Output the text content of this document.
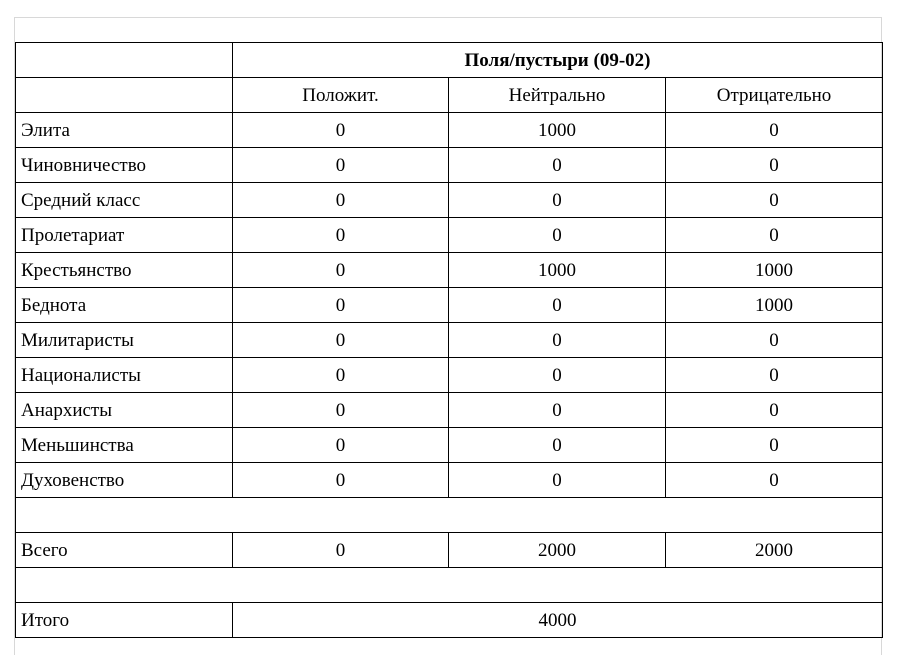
	Поля/пустыри (09-02)		
	Положит.	Нейтрально	Отрицательно
Элита	0	1000	0
Чиновничество	0	0	0
Средний класс	0	0	0
Пролетариат	0	0	0
Крестьянство	0	1000	1000
Беднота	0	0	1000
Милитаристы	0	0	0
Националисты	0	0	0
Анархисты	0	0	0
Меньшинства	0	0	0
Духовенство	0	0	0

Всего	0	2000	2000

Итого	4000		
